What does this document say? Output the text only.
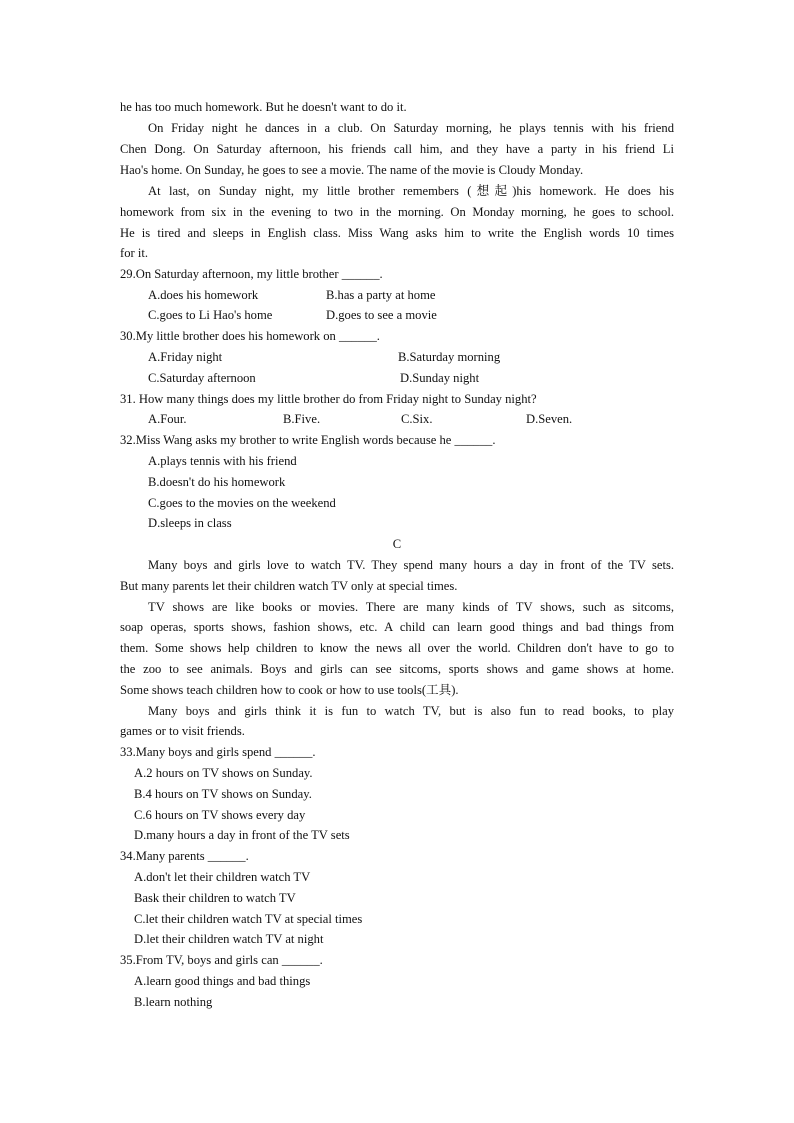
he has too much homework. But he doesn't want to do it.
On Friday night he dances in a club. On Saturday morning, he plays tennis with his friend
Chen Dong. On Saturday afternoon, his friends call him, and they have a party in his friend Li
Hao's home. On Sunday, he goes to see a movie. The name of the movie is Cloudy Monday.
At last, on Sunday night, my little brother remembers (想起)his homework. He does his
homework from six in the evening to two in the morning. On Monday morning, he goes to school.
He is tired and sleeps in English class. Miss Wang asks him to write the English words 10 times
for it.
29.On Saturday afternoon, my little brother ______.
A.does his homework	B.has a party at home
C.goes to Li Hao's home	D.goes to see a movie
30.My little brother does his homework on ______.
A.Friday night	B.Saturday morning
C.Saturday afternoon	D.Sunday night
31. How many things does my little brother do from Friday night to Sunday night?
A.Four.	B.Five.	C.Six.	D.Seven.
32.Miss Wang asks my brother to write English words because he ______.
A.plays tennis with his friend
B.doesn't do his homework
C.goes to the movies on the weekend
D.sleeps in class
C
Many boys and girls love to watch TV. They spend many hours a day in front of the TV sets.
But many parents let their children watch TV only at special times.
TV shows are like books or movies. There are many kinds of TV shows, such as sitcoms,
soap operas, sports shows, fashion shows, etc. A child can learn good things and bad things from
them. Some shows help children to know the news all over the world. Children don't have to go to
the zoo to see animals. Boys and girls can see sitcoms, sports shows and game shows at home.
Some shows teach children how to cook or how to use tools(工具).
Many boys and girls think it is fun to watch TV, but is also fun to read books, to play
games or to visit friends.
33.Many boys and girls spend ______.
A.2 hours on TV shows on Sunday.
B.4 hours on TV shows on Sunday.
C.6 hours on TV shows every day
D.many hours a day in front of the TV sets
34.Many parents ______.
A.don't let their children watch TV
Bask their children to watch TV
C.let their children watch TV at special times
D.let their children watch TV at night
35.From TV, boys and girls can ______.
A.learn good things and bad things
B.learn nothing
